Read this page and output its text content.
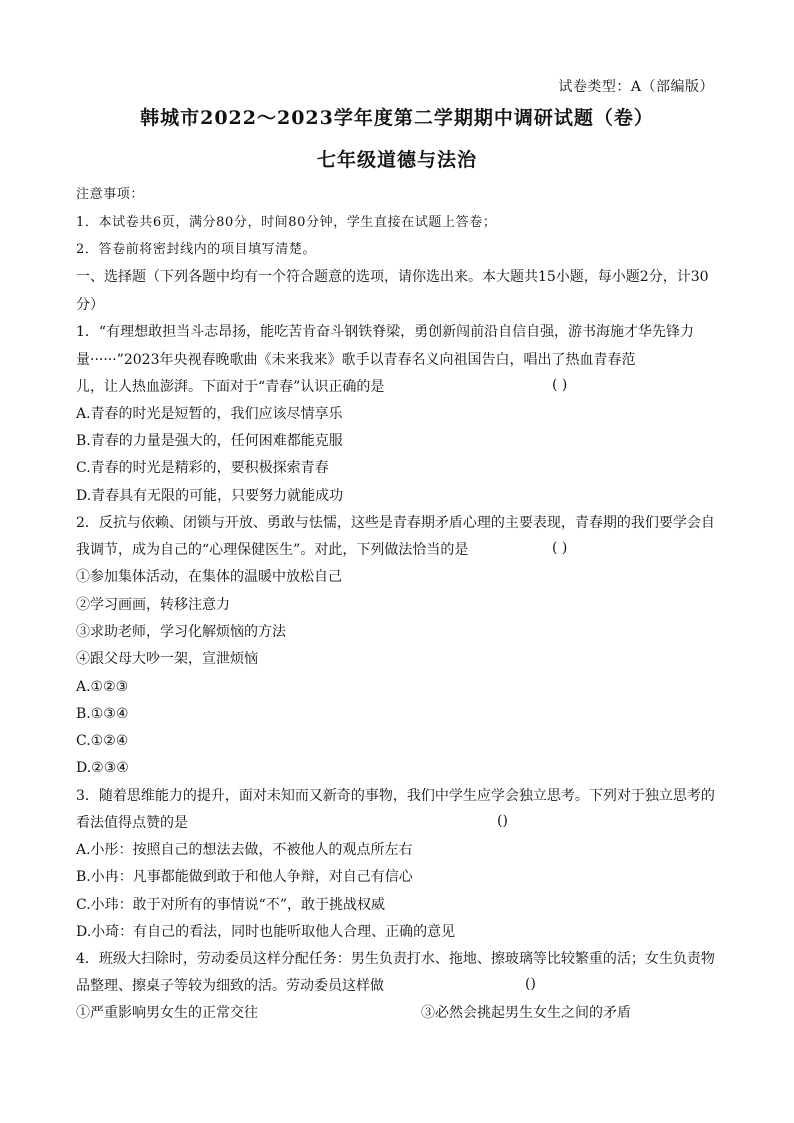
试卷类型：A（部编版）
韩城市2022～2023学年度第二学期期中调研试题（卷）
七年级道德与法治
注意事项：
1．本试卷共6页，满分80分，时间80分钟，学生直接在试题上答卷；
2．答卷前将密封线内的项目填写清楚。
一、选择题（下列各题中均有一个符合题意的选项，请你选出来。本大题共15小题，每小题2分，计30
分）
1．“有理想敢担当斗志昂扬，能吃苦肯奋斗钢铁脊梁，勇创新闯前沿自信自强，游书海施才华先锋力
量······”2023年央视春晚歌曲《未来我来》歌手以青春名义向祖国告白，唱出了热血青春范
儿，让人热血澎湃。下面对于“青春”认识正确的是	( )
A.青春的时光是短暂的，我们应该尽情享乐
B.青春的力量是强大的，任何困难都能克服
C.青春的时光是精彩的，要积极探索青春
D.青春具有无限的可能，只要努力就能成功
2．反抗与依赖、闭锁与开放、勇敢与怯懦，这些是青春期矛盾心理的主要表现，青春期的我们要学会自
我调节，成为自己的“心理保健医生”。对此，下列做法恰当的是	( )
①参加集体活动，在集体的温暖中放松自己
②学习画画，转移注意力
③求助老师，学习化解烦恼的方法
④跟父母大吵一架，宣泄烦恼
A.①②③
B.①③④
C.①②④
D.②③④
3．随着思维能力的提升，面对未知而又新奇的事物，我们中学生应学会独立思考。下列对于独立思考的
看法值得点赞的是	()
A.小彤：按照自己的想法去做，不被他人的观点所左右
B.小冉：凡事都能做到敢于和他人争辩，对自己有信心
C.小玮：敢于对所有的事情说“不”，敢于挑战权威
D.小琦：有自己的看法，同时也能听取他人合理、正确的意见
4．班级大扫除时，劳动委员这样分配任务：男生负责打水、拖地、擦玻璃等比较繁重的活；女生负责物
品整理、擦桌子等较为细致的活。劳动委员这样做	()
①严重影响男女生的正常交往	③必然会挑起男生女生之间的矛盾
